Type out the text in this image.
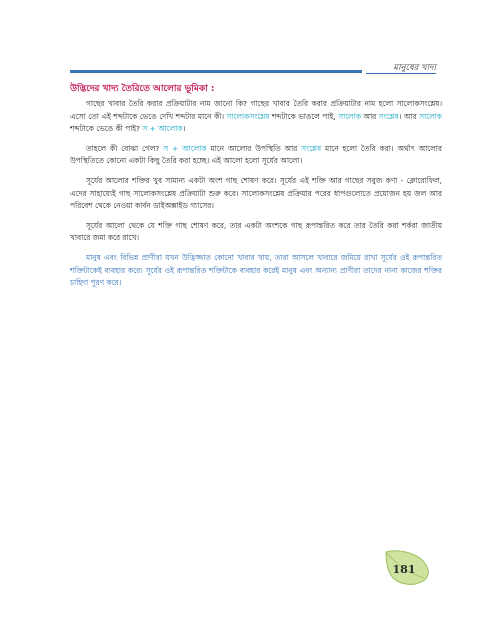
মানুষের খাদ্য
উদ্ভিদের খাদ্য তৈরিতে আলোর ভূমিকা :

গাছের খাবার তৈরি করার প্রক্রিয়াটার নাম জানো কি? গাছের খাবার তৈরি করার প্রক্রিয়াটার নাম হলো সালোকসংশ্লেষ। এসো তো এই শব্দটাকে ভেঙে দেখি শব্দটার মানে কী। সালোকসংশ্লেষ শব্দটাকে ভাঙলে পাই, সালোক আর সংশ্লেষ। আর সালোক শব্দটাকে ভেঙে কী পাই? স + আলোক।

তাহলে কী বোঝা গেল? স + আলোক মানে আলোর উপস্থিতি আর সংশ্লেষ মানে হলো তৈরি করা। অর্থাৎ আলোর উপস্থিতিতে কোনো একটা কিছু তৈরি করা হচ্ছে। এই আলো হলো সূর্যের আলো।

সূর্যের আলোর শক্তির খুব সামান্য একটা অংশ গাছ শোষণ করে। সূর্যের এই শক্তি আর গাছের সবুজ কণা - ক্লোরোফিল, এদের সাহায্যেই গাছ সালোকসংশ্লেষ প্রক্রিয়াটা শুরু করে। সালোকসংশ্লেষ প্রক্রিয়ার পরের ধাপগুলোতে প্রয়োজন হয় জল আর পরিবেশ থেকে নেওয়া কার্বন ডাইঅক্সাইড গ্যাসের।

সূর্যের আলো থেকে যে শক্তি গাছ শোষণ করে, তার একটা অংশকে গাছ রূপান্তরিত করে তার তৈরি করা শর্করা জাতীয় খাবারে জমা করে রাখে।

মানুষ এবং বিভিন্ন প্রাণীরা যখন উদ্ভিজ্জাত কোনো খাবার খায়, তারা আসলে খাবারে জমিয়ে রাখা সূর্যের ওই রূপান্তরিত শক্তিটাকেই ব্যবহার করে। সূর্যের ওই রূপান্তরিত শক্তিটাকে ব্যবহার করেই মানুষ এবং অন্যান্য প্রাণীরা তাদের নানা কাজের শক্তির চাহিদা পূরণ করে।

181
